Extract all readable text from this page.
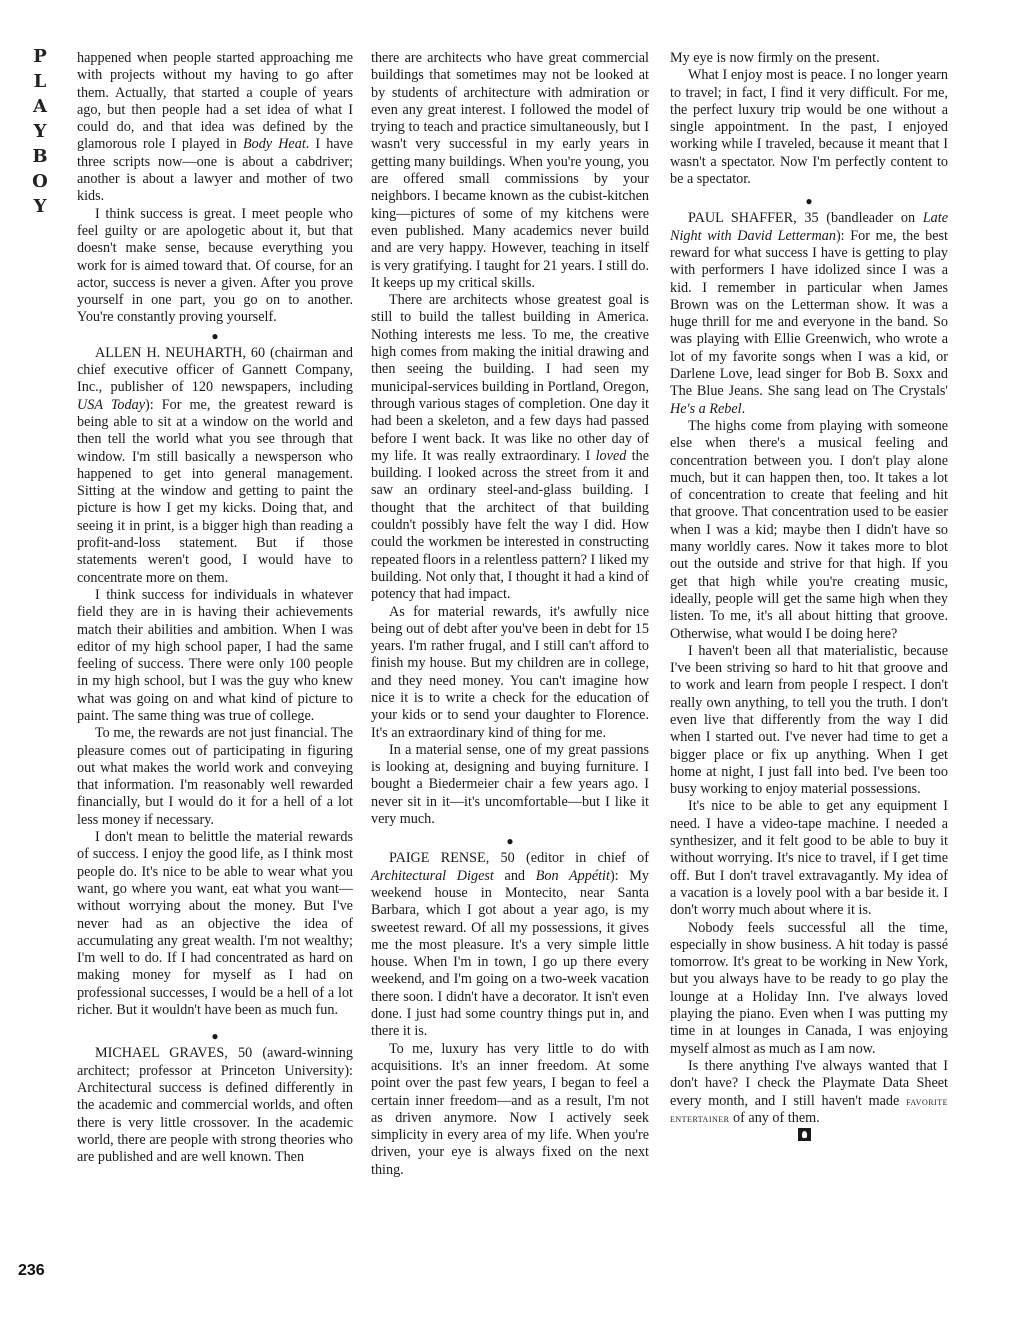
P
L
A
Y
B
O
Y
236

happened when people started approaching me with projects without my having to go after them. Actually, that started a couple of years ago, but then people had a set idea of what I could do, and that idea was defined by the glamorous role I played in Body Heat. I have three scripts now—one is about a cabdriver; another is about a lawyer and mother of two kids.

I think success is great. I meet people who feel guilty or are apologetic about it, but that doesn't make sense, because everything you work for is aimed toward that. Of course, for an actor, success is never a given. After you prove yourself in one part, you go on to another. You're constantly proving yourself.

●

ALLEN H. NEUHARTH, 60 (chairman and chief executive officer of Gannett Company, Inc., publisher of 120 newspapers, including USA Today): For me, the greatest reward is being able to sit at a window on the world and then tell the world what you see through that window. I'm still basically a newsperson who happened to get into general management. Sitting at the window and getting to paint the picture is how I get my kicks. Doing that, and seeing it in print, is a bigger high than reading a profit-and-loss statement. But if those statements weren't good, I would have to concentrate more on them.

I think success for individuals in whatever field they are in is having their achievements match their abilities and ambition. When I was editor of my high school paper, I had the same feeling of success. There were only 100 people in my high school, but I was the guy who knew what was going on and what kind of picture to paint. The same thing was true of college.

To me, the rewards are not just financial. The pleasure comes out of participating in figuring out what makes the world work and conveying that information. I'm reasonably well rewarded financially, but I would do it for a hell of a lot less money if necessary.

I don't mean to belittle the material rewards of success. I enjoy the good life, as I think most people do. It's nice to be able to wear what you want, go where you want, eat what you want—without worrying about the money. But I've never had as an objective the idea of accumulating any great wealth. I'm not wealthy; I'm well to do. If I had concentrated as hard on making money for myself as I had on professional successes, I would be a hell of a lot richer. But it wouldn't have been as much fun.

●

MICHAEL GRAVES, 50 (award-winning architect; professor at Princeton University): Architectural success is defined differently in the academic and commercial worlds, and often there is very little crossover. In the academic world, there are people with strong theories who are published and are well known. Then

there are architects who have great commercial buildings that sometimes may not be looked at by students of architecture with admiration or even any great interest. I followed the model of trying to teach and practice simultaneously, but I wasn't very successful in my early years in getting many buildings. When you're young, you are offered small commissions by your neighbors. I became known as the cubist-kitchen king—pictures of some of my kitchens were even published. Many academics never build and are very happy. However, teaching in itself is very gratifying. I taught for 21 years. I still do. It keeps up my critical skills.

There are architects whose greatest goal is still to build the tallest building in America. Nothing interests me less. To me, the creative high comes from making the initial drawing and then seeing the building. I had seen my municipal-services building in Portland, Oregon, through various stages of completion. One day it had been a skeleton, and a few days had passed before I went back. It was like no other day of my life. It was really extraordinary. I loved the building. I looked across the street from it and saw an ordinary steel-and-glass building. I thought that the architect of that building couldn't possibly have felt the way I did. How could the workmen be interested in constructing repeated floors in a relentless pattern? I liked my building. Not only that, I thought it had a kind of potency that had impact.

As for material rewards, it's awfully nice being out of debt after you've been in debt for 15 years. I'm rather frugal, and I still can't afford to finish my house. But my children are in college, and they need money. You can't imagine how nice it is to write a check for the education of your kids or to send your daughter to Florence. It's an extraordinary kind of thing for me.

In a material sense, one of my great passions is looking at, designing and buying furniture. I bought a Biedermeier chair a few years ago. I never sit in it—it's uncomfortable—but I like it very much.

●

PAIGE RENSE, 50 (editor in chief of Architectural Digest and Bon Appétit): My weekend house in Montecito, near Santa Barbara, which I got about a year ago, is my sweetest reward. Of all my possessions, it gives me the most pleasure. It's a very simple little house. When I'm in town, I go up there every weekend, and I'm going on a two-week vacation there soon. I didn't have a decorator. It isn't even done. I just had some country things put in, and there it is.

To me, luxury has very little to do with acquisitions. It's an inner freedom. At some point over the past few years, I began to feel a certain inner freedom—and as a result, I'm not as driven anymore. Now I actively seek simplicity in every area of my life. When you're driven, your eye is always fixed on the next thing.

My eye is now firmly on the present.

What I enjoy most is peace. I no longer yearn to travel; in fact, I find it very difficult. For me, the perfect luxury trip would be one without a single appointment. In the past, I enjoyed working while I traveled, because it meant that I wasn't a spectator. Now I'm perfectly content to be a spectator.

●

PAUL SHAFFER, 35 (bandleader on Late Night with David Letterman): For me, the best reward for what success I have is getting to play with performers I have idolized since I was a kid. I remember in particular when James Brown was on the Letterman show. It was a huge thrill for me and everyone in the band. So was playing with Ellie Greenwich, who wrote a lot of my favorite songs when I was a kid, or Darlene Love, lead singer for Bob B. Soxx and The Blue Jeans. She sang lead on The Crystals' He's a Rebel.

The highs come from playing with someone else when there's a musical feeling and concentration between you. I don't play alone much, but it can happen then, too. It takes a lot of concentration to create that feeling and hit that groove. That concentration used to be easier when I was a kid; maybe then I didn't have so many worldly cares. Now it takes more to blot out the outside and strive for that high. If you get that high while you're creating music, ideally, people will get the same high when they listen. To me, it's all about hitting that groove. Otherwise, what would I be doing here?

I haven't been all that materialistic, because I've been striving so hard to hit that groove and to work and learn from people I respect. I don't really own anything, to tell you the truth. I don't even live that differently from the way I did when I started out. I've never had time to get a bigger place or fix up anything. When I get home at night, I just fall into bed. I've been too busy working to enjoy material possessions.

It's nice to be able to get any equipment I need. I have a video-tape machine. I needed a synthesizer, and it felt good to be able to buy it without worrying. It's nice to travel, if I get time off. But I don't travel extravagantly. My idea of a vacation is a lovely pool with a bar beside it. I don't worry much about where it is.

Nobody feels successful all the time, especially in show business. A hit today is passé tomorrow. It's great to be working in New York, but you always have to be ready to go play the lounge at a Holiday Inn. I've always loved playing the piano. Even when I was putting my time in at lounges in Canada, I was enjoying myself almost as much as I am now.

Is there anything I've always wanted that I don't have? I check the Playmate Data Sheet every month, and I still haven't made favorite entertainer of any of them.
